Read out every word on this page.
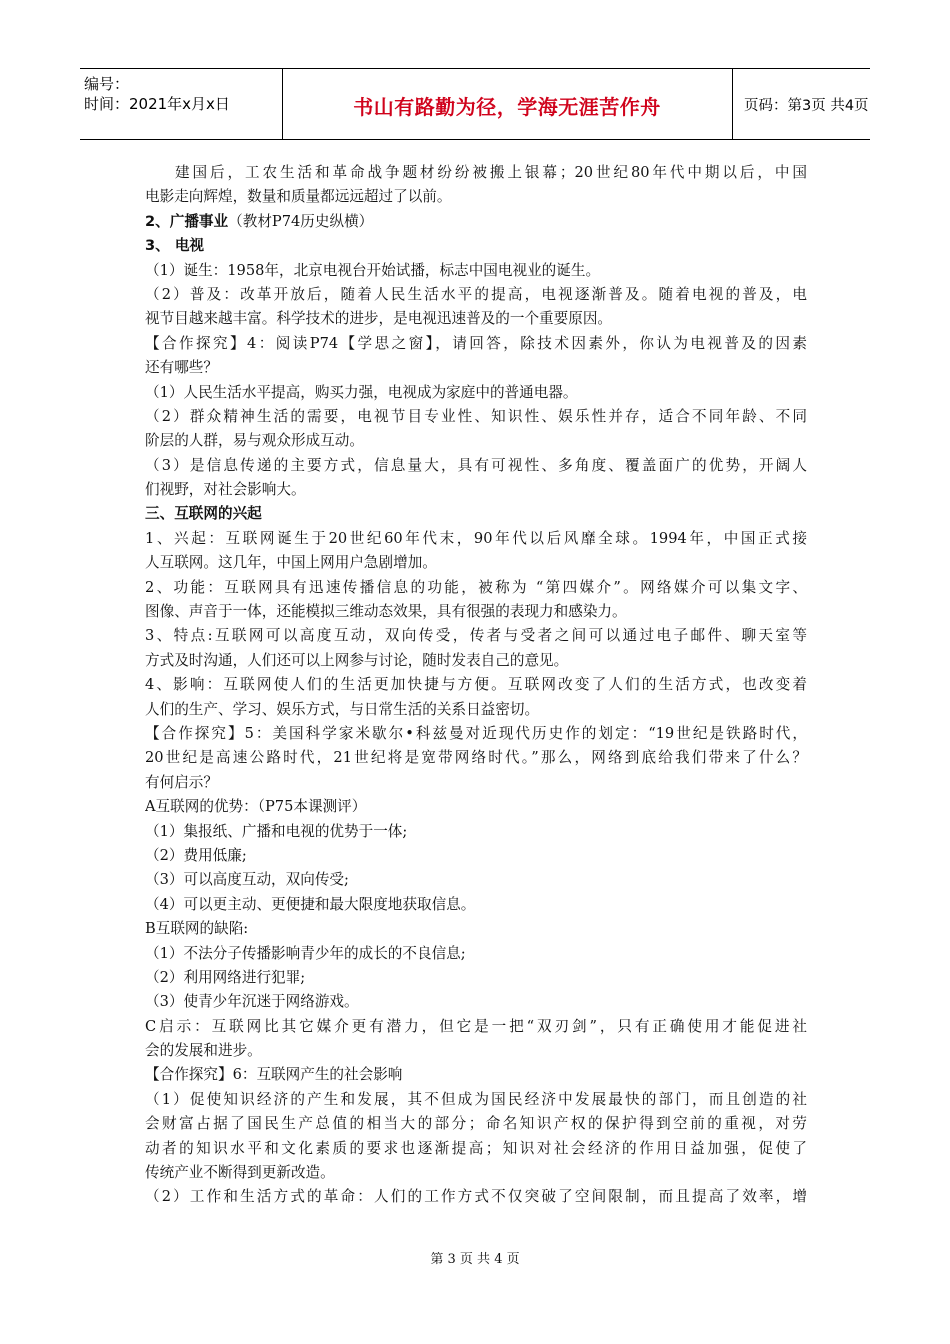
编号：
时间：2021年x月x日	书山有路勤为径，学海无涯苦作舟	页码：第3页 共4页
建国后，工农生活和革命战争题材纷纷被搬上银幕；20世纪80年代中期以后，中国
电影走向辉煌，数量和质量都远远超过了以前。
2、广播事业（教材P74历史纵横）
3、 电视
（1）诞生：1958年，北京电视台开始试播，标志中国电视业的诞生。
（2）普及：改革开放后，随着人民生活水平的提高，电视逐渐普及。随着电视的普及，电
视节目越来越丰富。科学技术的进步，是电视迅速普及的一个重要原因。
【合作探究】4：阅读P74【学思之窗】，请回答，除技术因素外，你认为电视普及的因素
还有哪些？
（1）人民生活水平提高，购买力强，电视成为家庭中的普通电器。
（2）群众精神生活的需要，电视节目专业性、知识性、娱乐性并存，适合不同年龄、不同
阶层的人群，易与观众形成互动。
（3）是信息传递的主要方式，信息量大，具有可视性、多角度、覆盖面广的优势，开阔人
们视野，对社会影响大。
三、互联网的兴起
1、兴起：互联网诞生于20世纪60年代末，90年代以后风靡全球。1994年，中国正式接
人互联网。这几年，中国上网用户急剧增加。
2、功能：互联网具有迅速传播信息的功能，被称为 “第四媒介”。网络媒介可以集文字、
图像、声音于一体，还能模拟三维动态效果，具有很强的表现力和感染力。
3、特点:互联网可以高度互动，双向传受，传者与受者之间可以通过电子邮件、聊天室等
方式及时沟通，人们还可以上网参与讨论，随时发表自己的意见。
4、影响：互联网使人们的生活更加快捷与方便。互联网改变了人们的生活方式，也改变着
人们的生产、学习、娱乐方式，与日常生活的关系日益密切。
【合作探究】5：美国科学家米歇尔•科兹曼对近现代历史作的划定：“19世纪是铁路时代，
20世纪是高速公路时代，21世纪将是宽带网络时代。”那么，网络到底给我们带来了什么？
有何启示？
A互联网的优势：（P75本课测评）
（1）集报纸、广播和电视的优势于一体;
（2）费用低廉;
（3）可以高度互动，双向传受;
（4）可以更主动、更便捷和最大限度地获取信息。
B互联网的缺陷:
（1）不法分子传播影响青少年的成长的不良信息;
（2）利用网络进行犯罪;
（3）使青少年沉迷于网络游戏。
C启示：互联网比其它媒介更有潜力，但它是一把“双刃剑”，只有正确使用才能促进社
会的发展和进步。
【合作探究】6：互联网产生的社会影响
（1）促使知识经济的产生和发展，其不但成为国民经济中发展最快的部门，而且创造的社
会财富占据了国民生产总值的相当大的部分；命名知识产权的保护得到空前的重视，对劳
动者的知识水平和文化素质的要求也逐渐提高；知识对社会经济的作用日益加强，促使了
传统产业不断得到更新改造。
（2）工作和生活方式的革命：人们的工作方式不仅突破了空间限制，而且提高了效率，增
第 3 页 共 4 页
